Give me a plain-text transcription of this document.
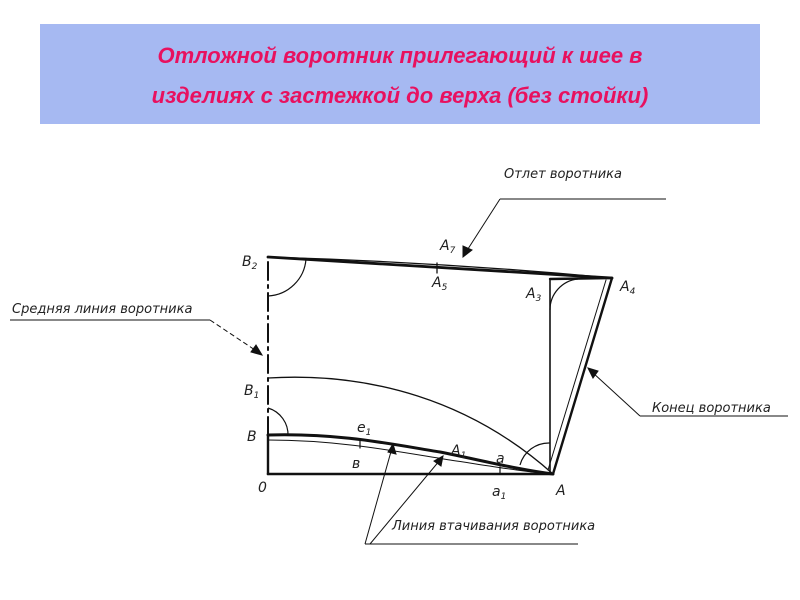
Отложной воротник прилегающий к шее в
изделиях с застежкой до верха (без стойки)
Отлет воротника
Средняя линия воротника
Конец воротника
Линия втачивания воротника
$В_2$
$А_7$
$А_5$	$А_3$
$А_4$
$В_1$
В
$е_1$
$А_1$ а
в
0	$а_1$	А
